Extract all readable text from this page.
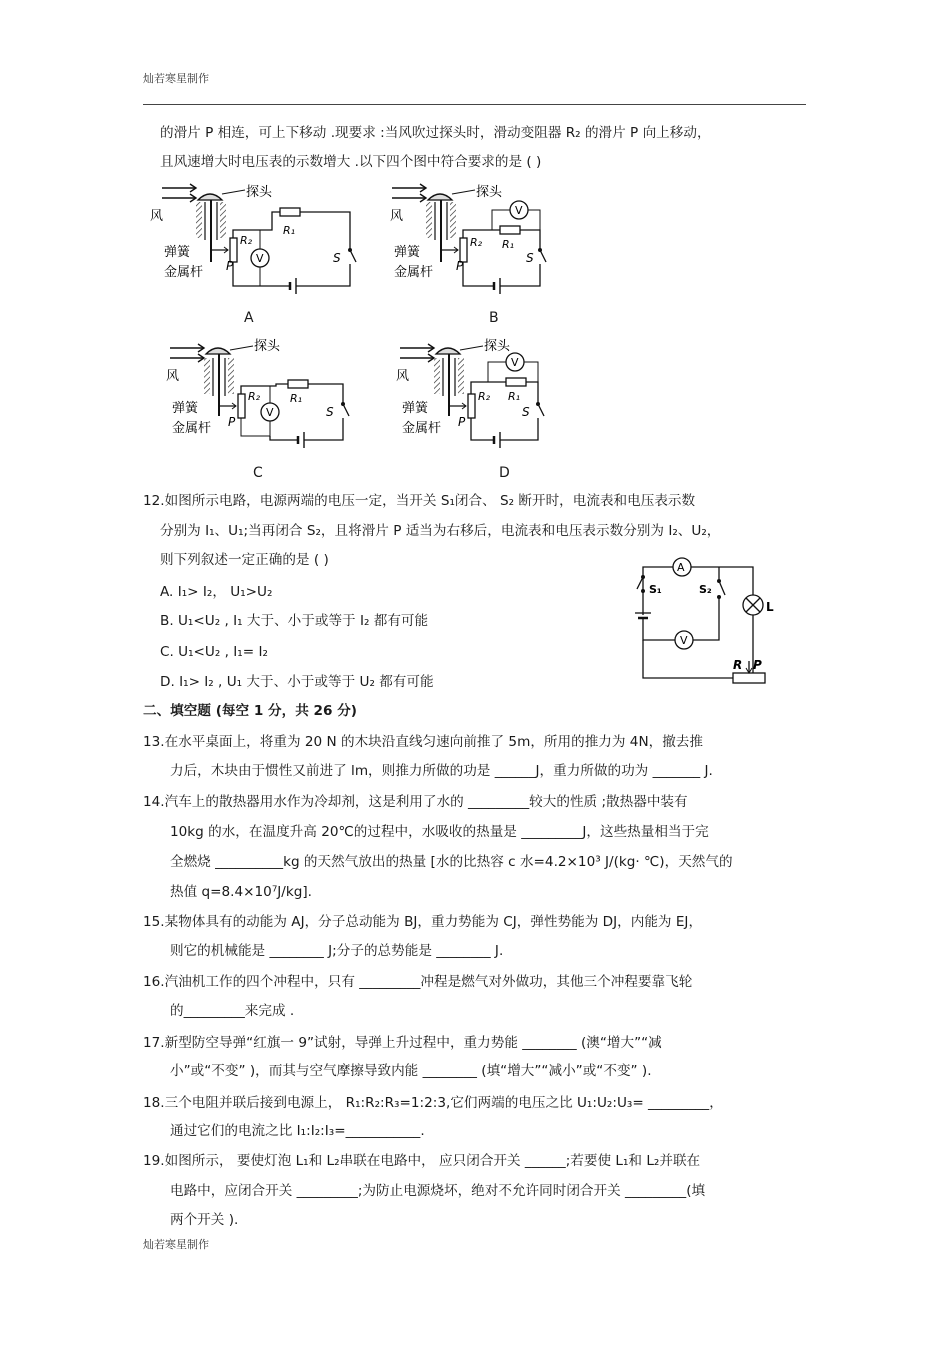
灿若寒星制作
灿若寒星制作
的滑片 P 相连，可上下移动 .现要求 :当风吹过探头时，滑动变阻器 R₂ 的滑片 P 向上移动，
且风速增大时电压表的示数增大 .以下四个图中符合要求的是 ( )
风
探头
R₂
P
R₁
V	S
弹簧
金属杆
风
探头
R₂
P
R₁
V
S
弹簧
金属杆
风
探头
R₂
P
R₁
V	S
弹簧
金属杆
风
探头
R₂
P
R₁
V
S
弹簧
金属杆
A	B
C	D
12.如图所示电路，电源两端的电压一定，当开关 S₁闭合、 S₂ 断开时，电流表和电压表示数
分别为 I₁、U₁;当再闭合 S₂，且将滑片 P 适当为右移后，电流表和电压表示数分别为 I₂、U₂，
则下列叙述一定正确的是 ( )
A. I₁> I₂， U₁>U₂
B. U₁<U₂ , I₁ 大于、小于或等于 I₂ 都有可能
C. U₁<U₂ , I₁= I₂
D. I₁> I₂ , U₁ 大于、小于或等于 U₂ 都有可能
A
S₁
V
S₂
L
R P
二、填空题 (每空 1 分，共 26 分)
13.在水平桌面上，将重为 20 N 的木块沿直线匀速向前推了 5m，所用的推力为 4N，撤去推
力后，木块由于惯性又前进了 lm，则推力所做的功是 ______J，重力所做的功为 _______ J.
14.汽车上的散热器用水作为冷却剂，这是利用了水的 _________较大的性质 ;散热器中装有
10kg 的水，在温度升高 20℃的过程中，水吸收的热量是 _________J，这些热量相当于完
全燃烧 __________kg 的天然气放出的热量 [水的比热容 c 水=4.2×10³ J/(kg· ℃)，天然气的
热值 q=8.4×10⁷J/kg].
15.某物体具有的动能为 AJ，分子总动能为 BJ，重力势能为 CJ，弹性势能为 DJ，内能为 EJ，
则它的机械能是 ________ J;分子的总势能是 ________ J.
16.汽油机工作的四个冲程中，只有 _________冲程是燃气对外做功，其他三个冲程要靠飞轮
的_________来完成 .
17.新型防空导弹“红旗一 9”试射，导弹上升过程中，重力势能 ________ (澳“增大”“减
小”或“不变” )，而其与空气摩擦导致内能 ________ (填“增大”“减小”或“不变” ).
18.三个电阻并联后接到电源上， R₁:R₂:R₃=1:2:3,它们两端的电压之比 U₁:U₂:U₃= _________，
通过它们的电流之比 I₁:I₂:I₃=___________.
19.如图所示， 要使灯泡 L₁和 L₂串联在电路中， 应只闭合开关 ______;若要使 L₁和 L₂并联在
电路中，应闭合开关 _________;为防止电源烧坏，绝对不允许同时闭合开关 _________(填
两个开关 ).
